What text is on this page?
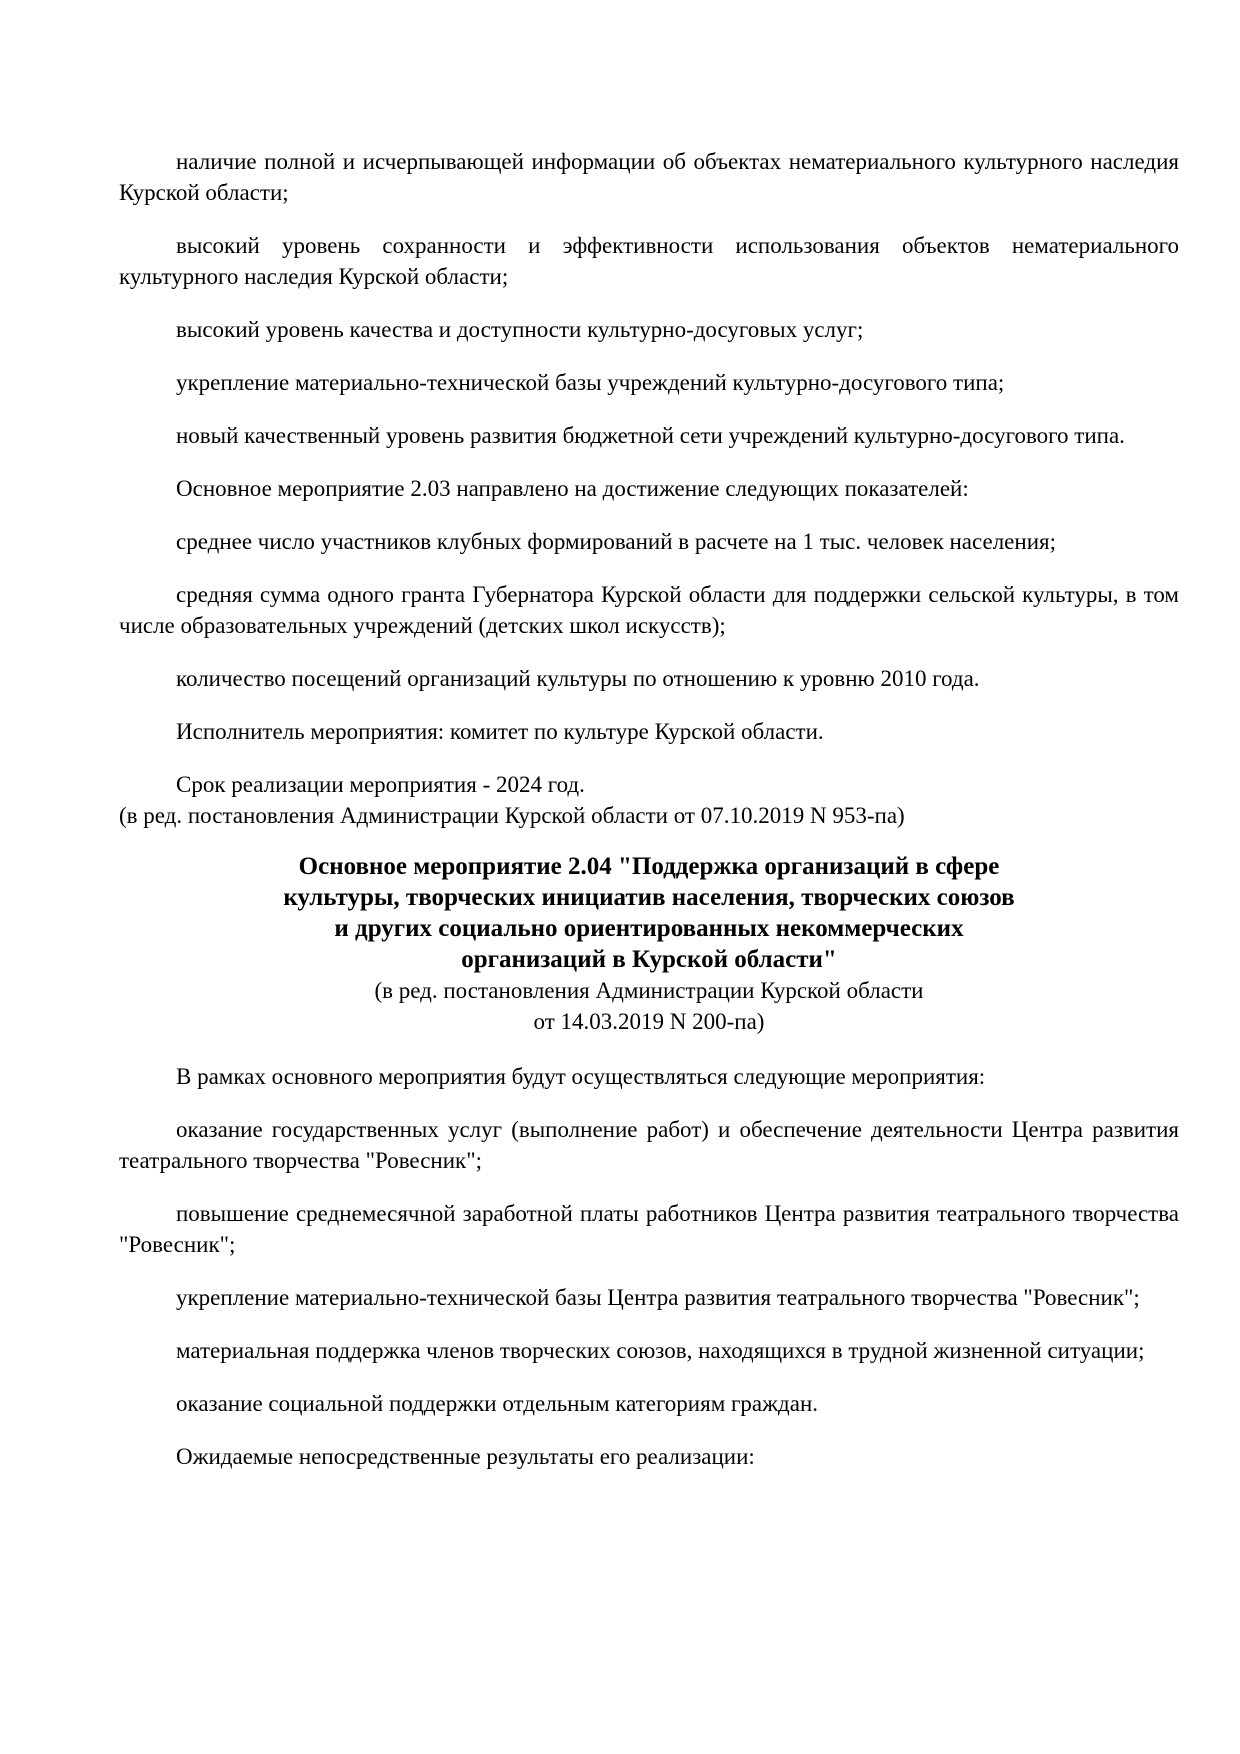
наличие полной и исчерпывающей информации об объектах нематериального культурного наследия Курской области;

высокий уровень сохранности и эффективности использования объектов нематериального культурного наследия Курской области;

высокий уровень качества и доступности культурно-досуговых услуг;

укрепление материально-технической базы учреждений культурно-досугового типа;

новый качественный уровень развития бюджетной сети учреждений культурно-досугового типа.

Основное мероприятие 2.03 направлено на достижение следующих показателей:

среднее число участников клубных формирований в расчете на 1 тыс. человек населения;

средняя сумма одного гранта Губернатора Курской области для поддержки сельской культуры, в том числе образовательных учреждений (детских школ искусств);

количество посещений организаций культуры по отношению к уровню 2010 года.

Исполнитель мероприятия: комитет по культуре Курской области.

Срок реализации мероприятия - 2024 год.

(в ред. постановления Администрации Курской области от 07.10.2019 N 953-па)

Основное мероприятие 2.04 "Поддержка организаций в сфере
культуры, творческих инициатив населения, творческих союзов
и других социально ориентированных некоммерческих
организаций в Курской области"

(в ред. постановления Администрации Курской области

от 14.03.2019 N 200-па)

В рамках основного мероприятия будут осуществляться следующие мероприятия:

оказание государственных услуг (выполнение работ) и обеспечение деятельности Центра развития театрального творчества "Ровесник";

повышение среднемесячной заработной платы работников Центра развития театрального творчества "Ровесник";

укрепление материально-технической базы Центра развития театрального творчества "Ровесник";

материальная поддержка членов творческих союзов, находящихся в трудной жизненной ситуации;

оказание социальной поддержки отдельным категориям граждан.

Ожидаемые непосредственные результаты его реализации:
